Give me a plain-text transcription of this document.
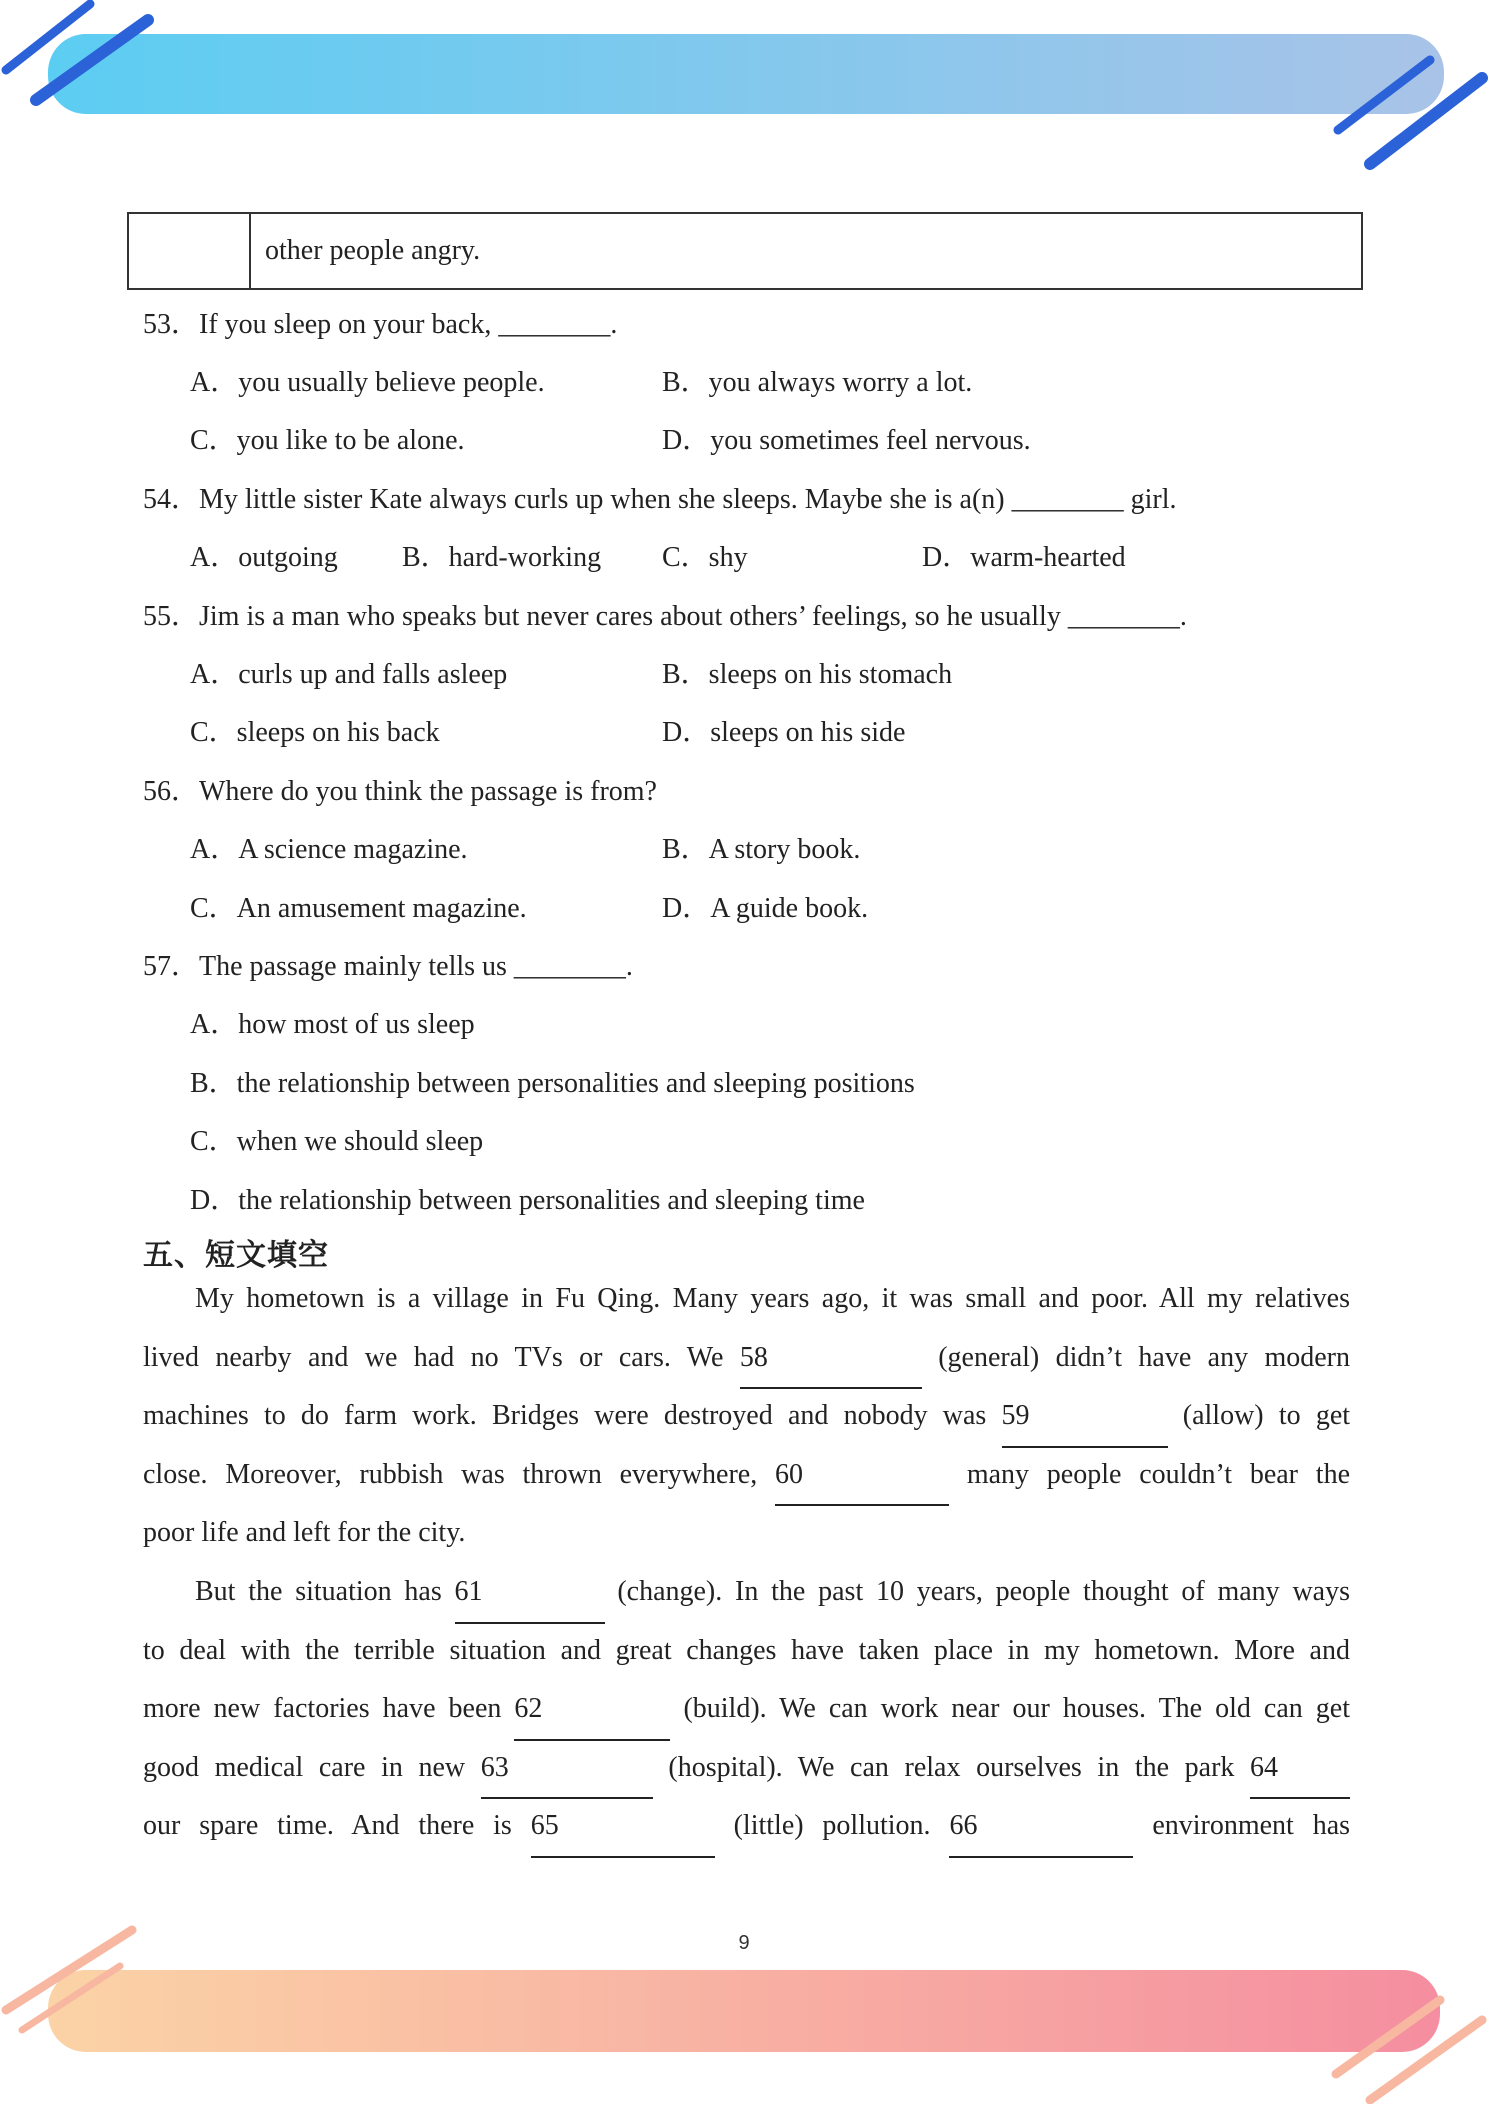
other people angry.
53．If you sleep on your back, ________.
A．you usually believe people.	B．you always worry a lot.
C．you like to be alone.	D．you sometimes feel nervous.
54．My little sister Kate always curls up when she sleeps. Maybe she is a(n) ________ girl.
A．outgoing B．hard-working C．shy	D．warm-hearted
55．Jim is a man who speaks but never cares about others’ feelings, so he usually ________.
A．curls up and falls asleep	B．sleeps on his stomach
C．sleeps on his back	D．sleeps on his side
56．Where do you think the passage is from?
A．A science magazine.	B．A story book.
C．An amusement magazine.	D．A guide book.
57．The passage mainly tells us ________.
A．how most of us sleep
B．the relationship between personalities and sleeping positions
C．when we should sleep
D．the relationship between personalities and sleeping time
五、短文填空
My hometown is a village in Fu Qing. Many years ago, it was small and poor. All my relatives
lived nearby and we had no TVs or cars. We 58	(general) didn’t have any modern
machines to do farm work. Bridges were destroyed and nobody was 59	(allow) to get
close. Moreover, rubbish was thrown everywhere, 60	many people couldn’t bear the
poor life and left for the city.
But the situation has 61	(change). In the past 10 years, people thought of many ways
to deal with the terrible situation and great changes have taken place in my hometown. More and
more new factories have been 62	(build). We can work near our houses. The old can get
good medical care in new 63	(hospital). We can relax ourselves in the park 64
our spare time. And there is 65	(little) pollution. 66	environment has
9
